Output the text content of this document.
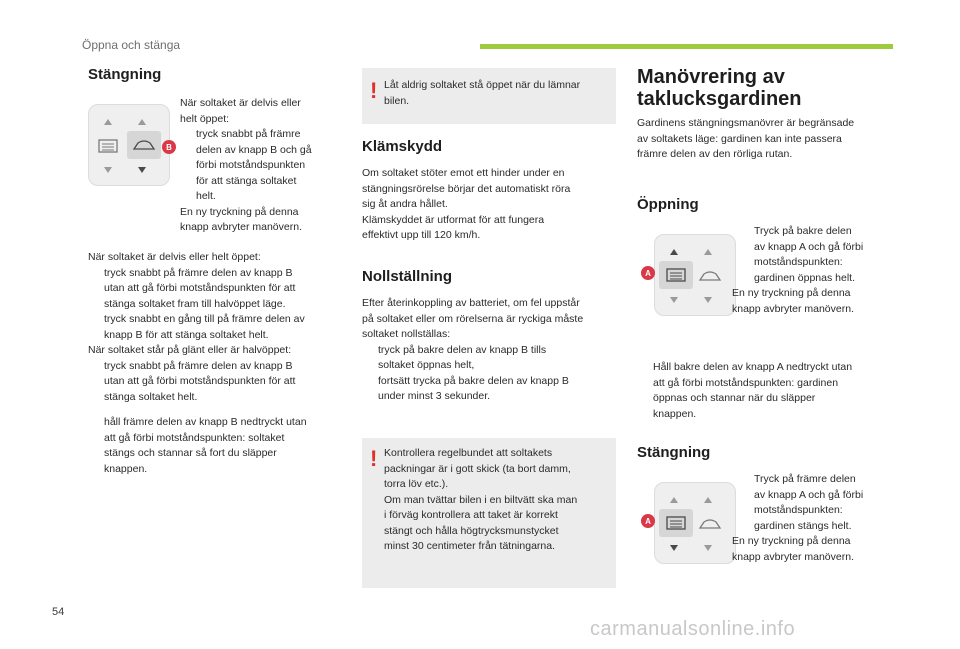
Öppna och stänga
Stängning
B

När soltaket är delvis eller

helt öppet:

tryck snabbt på främre

delen av knapp B och gå

förbi motståndspunkten

för att stänga soltaket

helt.

En ny tryckning på denna

knapp avbryter manövern.

När soltaket är delvis eller helt öppet:

tryck snabbt på främre delen av knapp B

utan att gå förbi motståndspunkten för att

stänga soltaket fram till halvöppet läge.

tryck snabbt en gång till på främre delen av

knapp B för att stänga soltaket helt.

När soltaket står på glänt eller är halvöppet:

tryck snabbt på främre delen av knapp B

utan att gå förbi motståndspunkten för att

stänga soltaket helt.

håll främre delen av knapp B nedtryckt utan

att gå förbi motståndspunkten: soltaket

stängs och stannar så fort du släpper

knappen.

! Låt aldrig soltaket stå öppet när du lämnar

bilen.

Klämskydd

Om soltaket stöter emot ett hinder under en

stängningsrörelse börjar det automatiskt röra

sig åt andra hållet.

Klämskyddet är utformat för att fungera

effektivt upp till 120 km/h.

Nollställning

Efter återinkoppling av batteriet, om fel uppstår

på soltaket eller om rörelserna är ryckiga måste

soltaket nollställas:

tryck på bakre delen av knapp B tills

soltaket öppnas helt,

fortsätt trycka på bakre delen av knapp B

under minst 3 sekunder.

! Kontrollera regelbundet att soltakets

packningar är i gott skick (ta bort damm,

torra löv etc.).

Om man tvättar bilen i en biltvätt ska man

i förväg kontrollera att taket är korrekt

stängt och hålla högtrycksmunstycket

minst 30 centimeter från tätningarna.

Manövrering av
taklucksgardinen

Gardinens stängningsmanövrer är begränsade

av soltakets läge: gardinen kan inte passera

främre delen av den rörliga rutan.

Öppning
A

Tryck på bakre delen

av knapp A och gå förbi

motståndspunkten:

gardinen öppnas helt.

En ny tryckning på denna

knapp avbryter manövern.

Håll bakre delen av knapp A nedtryckt utan

att gå förbi motståndspunkten: gardinen

öppnas och stannar när du släpper

knappen.

Stängning
A

Tryck på främre delen

av knapp A och gå förbi

motståndspunkten:

gardinen stängs helt.

En ny tryckning på denna

knapp avbryter manövern.

54
carmanualsonline.info
